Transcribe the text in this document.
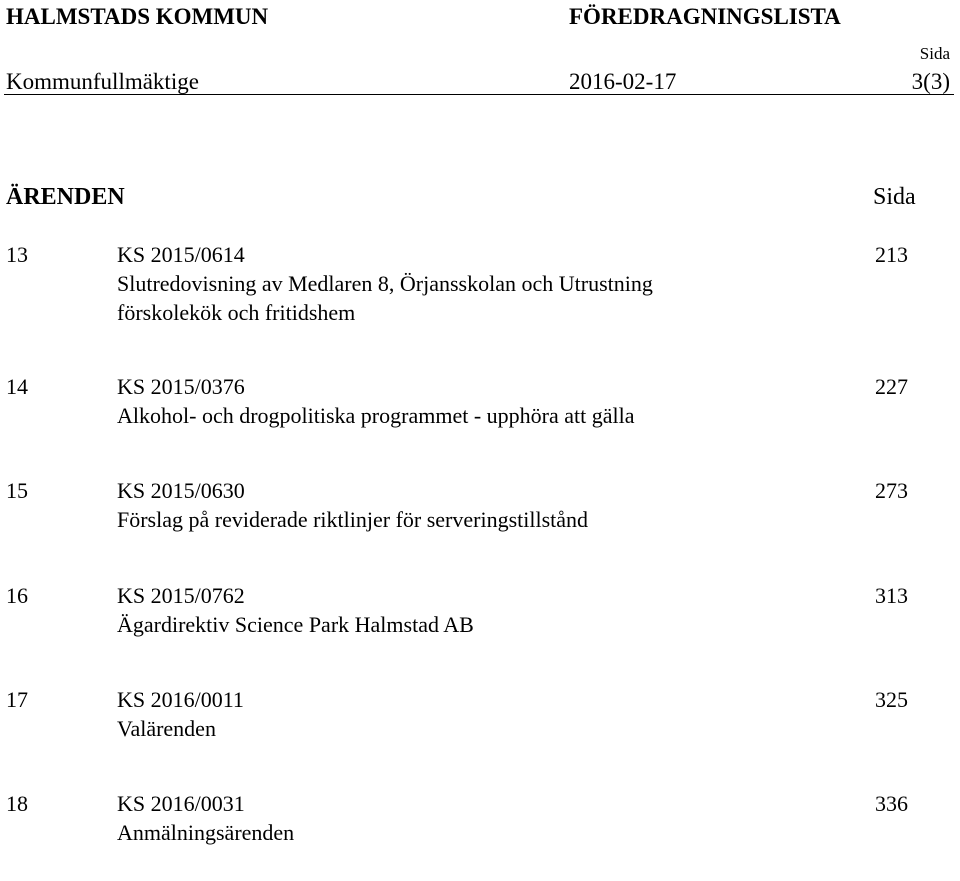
HALMSTADS KOMMUN	FÖREDRAGNINGSLISTA
Sida
Kommunfullmäktige	2016-02-17	3(3)
ÄRENDEN	Sida
13	KS 2015/0614	213
Slutredovisning av Medlaren 8, Örjansskolan och Utrustning
förskolekök och fritidshem
14	KS 2015/0376	227
Alkohol- och drogpolitiska programmet - upphöra att gälla
15	KS 2015/0630	273
Förslag på reviderade riktlinjer för serveringstillstånd
16	KS 2015/0762	313
Ägardirektiv Science Park Halmstad AB
17	KS 2016/0011	325
Valärenden
18	KS 2016/0031	336
Anmälningsärenden
